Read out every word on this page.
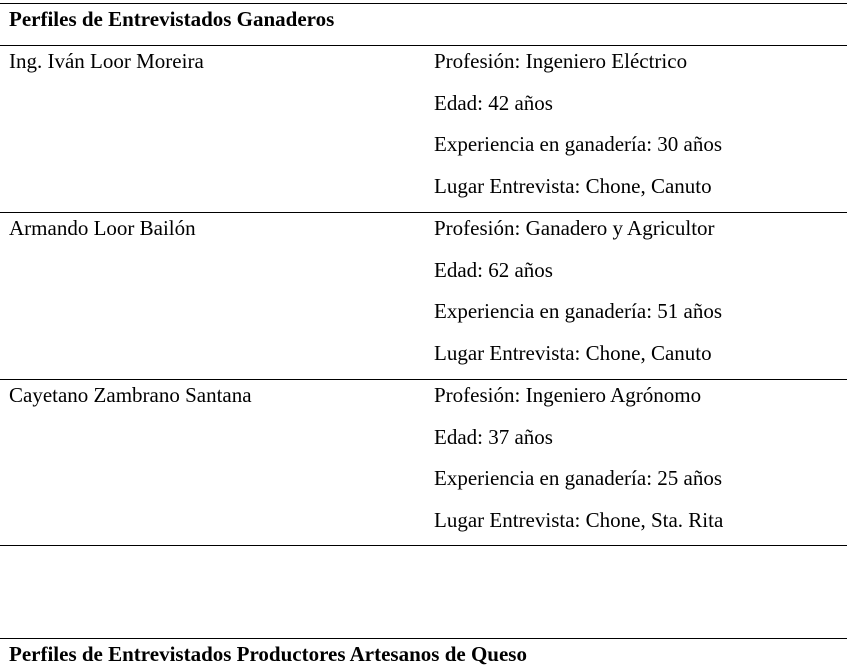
Perfiles de Entrevistados Ganaderos
Ing. Iván Loor Moreira	Profesión: Ingeniero Eléctrico
Edad: 42 años
Experiencia en ganadería: 30 años
Lugar Entrevista: Chone, Canuto
Armando Loor Bailón	Profesión: Ganadero y Agricultor
Edad: 62 años
Experiencia en ganadería: 51 años
Lugar Entrevista: Chone, Canuto
Cayetano Zambrano Santana	Profesión: Ingeniero Agrónomo
Edad: 37 años
Experiencia en ganadería: 25 años
Lugar Entrevista: Chone, Sta. Rita
Perfiles de Entrevistados Productores Artesanos de Queso
